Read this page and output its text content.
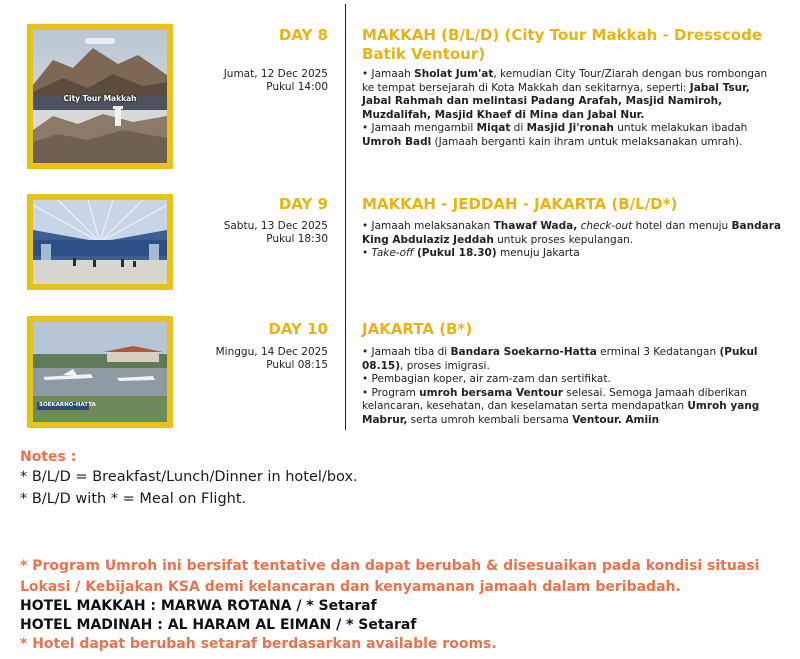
City Tour Makkah
DAY 8
Jumat, 12 Dec 2025
Pukul 14:00
MAKKAH (B/L/D) (City Tour Makkah - Dresscode Batik Ventour)

• Jamaah Sholat Jum'at, kemudian City Tour/Ziarah dengan bus rombongan ke tempat bersejarah di Kota Makkah dan sekitarnya, seperti: Jabal Tsur, Jabal Rahmah dan melintasi Padang Arafah, Masjid Namiroh, Muzdalifah, Masjid Khaef di Mina dan Jabal Nur.

• Jamaah mengambil Miqat di Masjid Ji'ronah untuk melakukan ibadah Umroh Badl (Jamaah berganti kain ihram untuk melaksanakan umrah).

DAY 9
Sabtu, 13 Dec 2025
Pukul 18:30
MAKKAH - JEDDAH - JAKARTA (B/L/D*)

• Jamaah melaksanakan Thawaf Wada, check-out hotel dan menuju Bandara King Abdulaziz Jeddah untuk proses kepulangan.

• Take-off (Pukul 18.30) menuju Jakarta

SOEKARNO-HATTA
DAY 10
Minggu, 14 Dec 2025
Pukul 08:15
JAKARTA (B*)

• Jamaah tiba di Bandara Soekarno-Hatta erminal 3 Kedatangan (Pukul 08.15), proses imigrasi.

• Pembagian koper, air zam-zam dan sertifikat.

• Program umroh bersama Ventour selesai. Semoga Jamaah diberikan kelancaran, kesehatan, dan keselamatan serta mendapatkan Umroh yang Mabrur, serta umroh kembali bersama Ventour. Amiin

Notes :
* B/L/D = Breakfast/Lunch/Dinner in hotel/box.
* B/L/D with * = Meal on Flight.
* Program Umroh ini bersifat tentative dan dapat berubah & disesuaikan pada kondisi situasi Lokasi / Kebijakan KSA demi kelancaran dan kenyamanan jamaah dalam beribadah.
HOTEL MAKKAH : MARWA ROTANA / * Setaraf
HOTEL MADINAH : AL HARAM AL EIMAN / * Setaraf
* Hotel dapat berubah setaraf berdasarkan available rooms.
